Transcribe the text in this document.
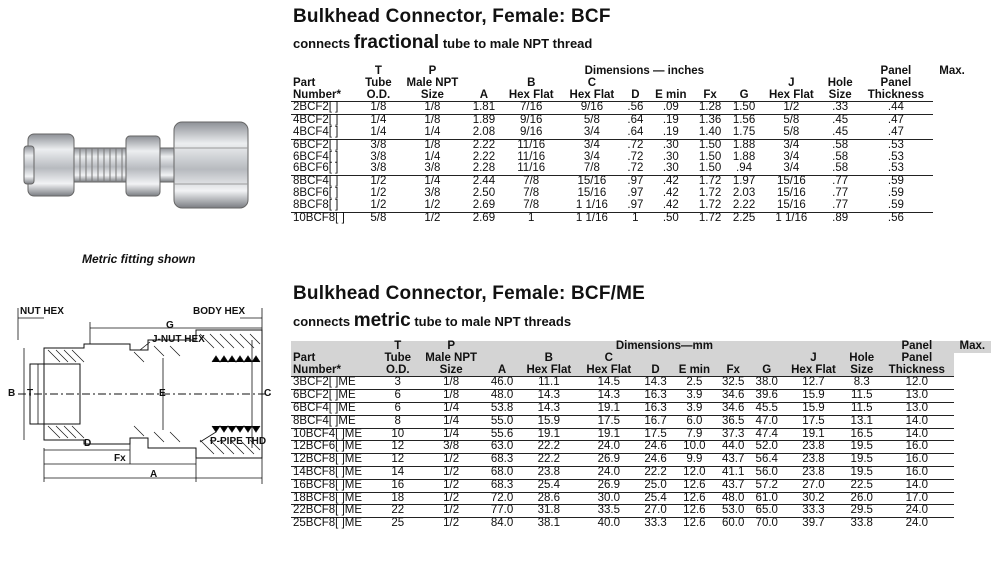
Metric fitting shown
NUT HEX	BODY HEX
G
J-NUT HEX
B T	E	C
D	P-PIPE THD
Fx
A
Bulkhead Connector, Female: BCF
connects fractional tube to male NPT thread
	T	P	Dimensions — inches									Panel	Max.
Part	Tube	Male NPT		B	C					J	Hole	Panel	
Number*	O.D.	Size	A	Hex Flat	Hex Flat	D	E min	Fx	G	Hex Flat	Size	Thickness	
2BCF2[ ]	1/8	1/8	1.81	7/16	9/16	.56	.09	1.28	1.50	1/2	.33	.44	
4BCF2[ ]	1/4	1/8	1.89	9/16	5/8	.64	.19	1.36	1.56	5/8	.45	.47	
4BCF4[ ]	1/4	1/4	2.08	9/16	3/4	.64	.19	1.40	1.75	5/8	.45	.47	
6BCF2[ ]	3/8	1/8	2.22	11/16	3/4	.72	.30	1.50	1.88	3/4	.58	.53	
6BCF4[ ]	3/8	1/4	2.22	11/16	3/4	.72	.30	1.50	1.88	3/4	.58	.53	
6BCF6[ ]	3/8	3/8	2.28	11/16	7/8	.72	.30	1.50	.94	3/4	.58	.53	
8BCF4[ ]	1/2	1/4	2.44	7/8	15/16	.97	.42	1.72	1.97	15/16	.77	.59	
8BCF6[ ]	1/2	3/8	2.50	7/8	15/16	.97	.42	1.72	2.03	15/16	.77	.59	
8BCF8[ ]	1/2	1/2	2.69	7/8	1 1/16	.97	.42	1.72	2.22	15/16	.77	.59	
10BCF8[ ]	5/8	1/2	2.69	1	1 1/16	1	.50	1.72	2.25	1 1/16	.89	.56	
Bulkhead Connector, Female: BCF/ME
connects metric tube to male NPT threads
	T	P	Dimensions—mm									Panel	Max.
Part	Tube	Male NPT		B	C					J	Hole	Panel	
Number*	O.D.	Size	A	Hex Flat	Hex Flat	D	E min	Fx	G	Hex Flat	Size	Thickness	
3BCF2[ ]ME	3	1/8	46.0	11.1	14.5	14.3	2.5	32.5	38.0	12.7	8.3	12.0	
6BCF2[ ]ME	6	1/8	48.0	14.3	14.3	16.3	3.9	34.6	39.6	15.9	11.5	13.0	
6BCF4[ ]ME	6	1/4	53.8	14.3	19.1	16.3	3.9	34.6	45.5	15.9	11.5	13.0	
8BCF4[ ]ME	8	1/4	55.0	15.9	17.5	16.7	6.0	36.5	47.0	17.5	13.1	14.0	
10BCF4[ ]ME	10	1/4	55.6	19.1	19.1	17.5	7.9	37.3	47.4	19.1	16.5	14.0	
12BCF6[ ]ME	12	3/8	63.0	22.2	24.0	24.6	10.0	44.0	52.0	23.8	19.5	16.0	
12BCF8[ ]ME	12	1/2	68.3	22.2	26.9	24.6	9.9	43.7	56.4	23.8	19.5	16.0	
14BCF8[ ]ME	14	1/2	68.0	23.8	24.0	22.2	12.0	41.1	56.0	23.8	19.5	16.0	
16BCF8[ ]ME	16	1/2	68.3	25.4	26.9	25.0	12.6	43.7	57.2	27.0	22.5	14.0	
18BCF8[ ]ME	18	1/2	72.0	28.6	30.0	25.4	12.6	48.0	61.0	30.2	26.0	17.0	
22BCF8[ ]ME	22	1/2	77.0	31.8	33.5	27.0	12.6	53.0	65.0	33.3	29.5	24.0	
25BCF8[ ]ME	25	1/2	84.0	38.1	40.0	33.3	12.6	60.0	70.0	39.7	33.8	24.0	
